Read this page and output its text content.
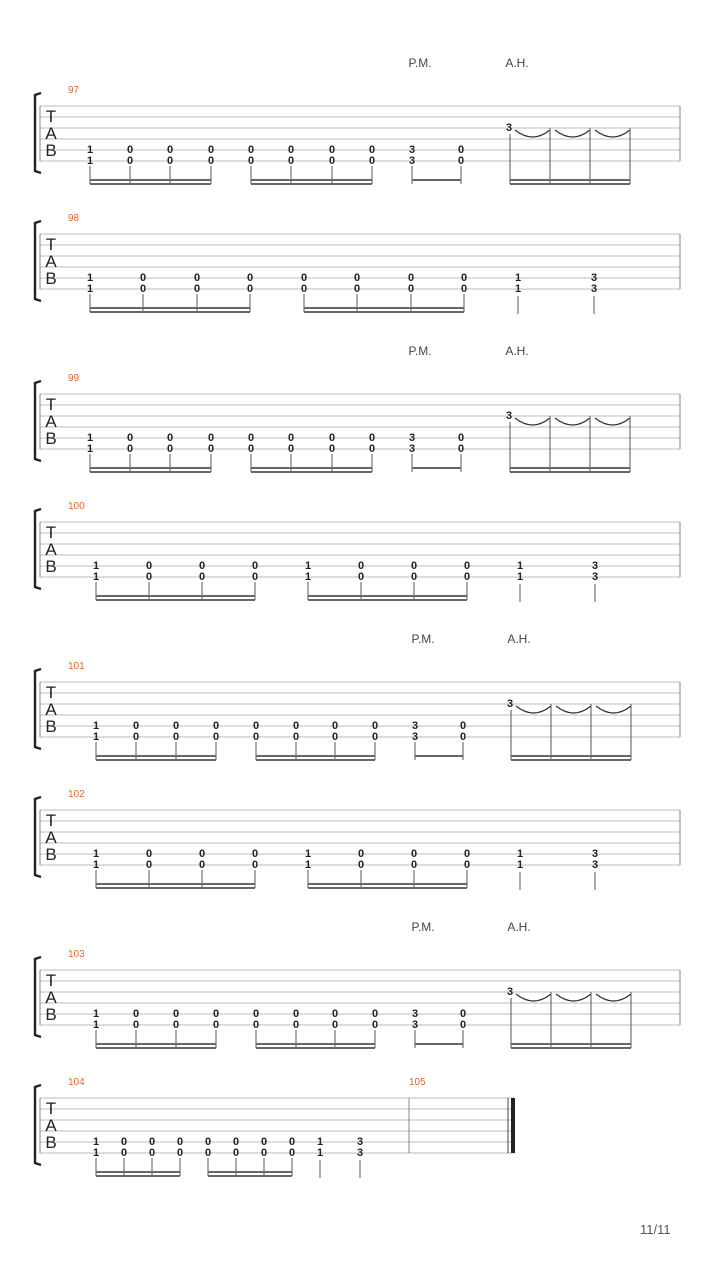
T
A
B
97
P.M.	A.H.
1
1
0
0
0
0
0
0
0
0
0
0
0
0
0
0
3
3
0
0
3
T
A
B
98
1
1
0
0
0
0
0
0
0
0
0
0
0
0
0
0
1
1
3
3
T
A
B
99
P.M.	A.H.
1
1
0
0
0
0
0
0
0
0
0
0
0
0
0
0
3
3
0
0
3
T
A
B
100
1
1
0
0
0
0
0
0
1
1
0
0
0
0
0
0
1
1
3
3
T
A
B
101
P.M.	A.H.
1
1
0
0
0
0
0
0
0
0
0
0
0
0
0
0
3
3
0
0
3
T
A
B
102
1
1
0
0
0
0
0
0
1
1
0
0
0
0
0
0
1
1
3
3
T
A
B
103
P.M.	A.H.
1
1
0
0
0
0
0
0
0
0
0
0
0
0
0
0
3
3
0
0
3
T
A
B
104	105
1
1
0
0
0
0
0
0
0
0
0
0
0
0
0
0
1
1
3
3
11/11
